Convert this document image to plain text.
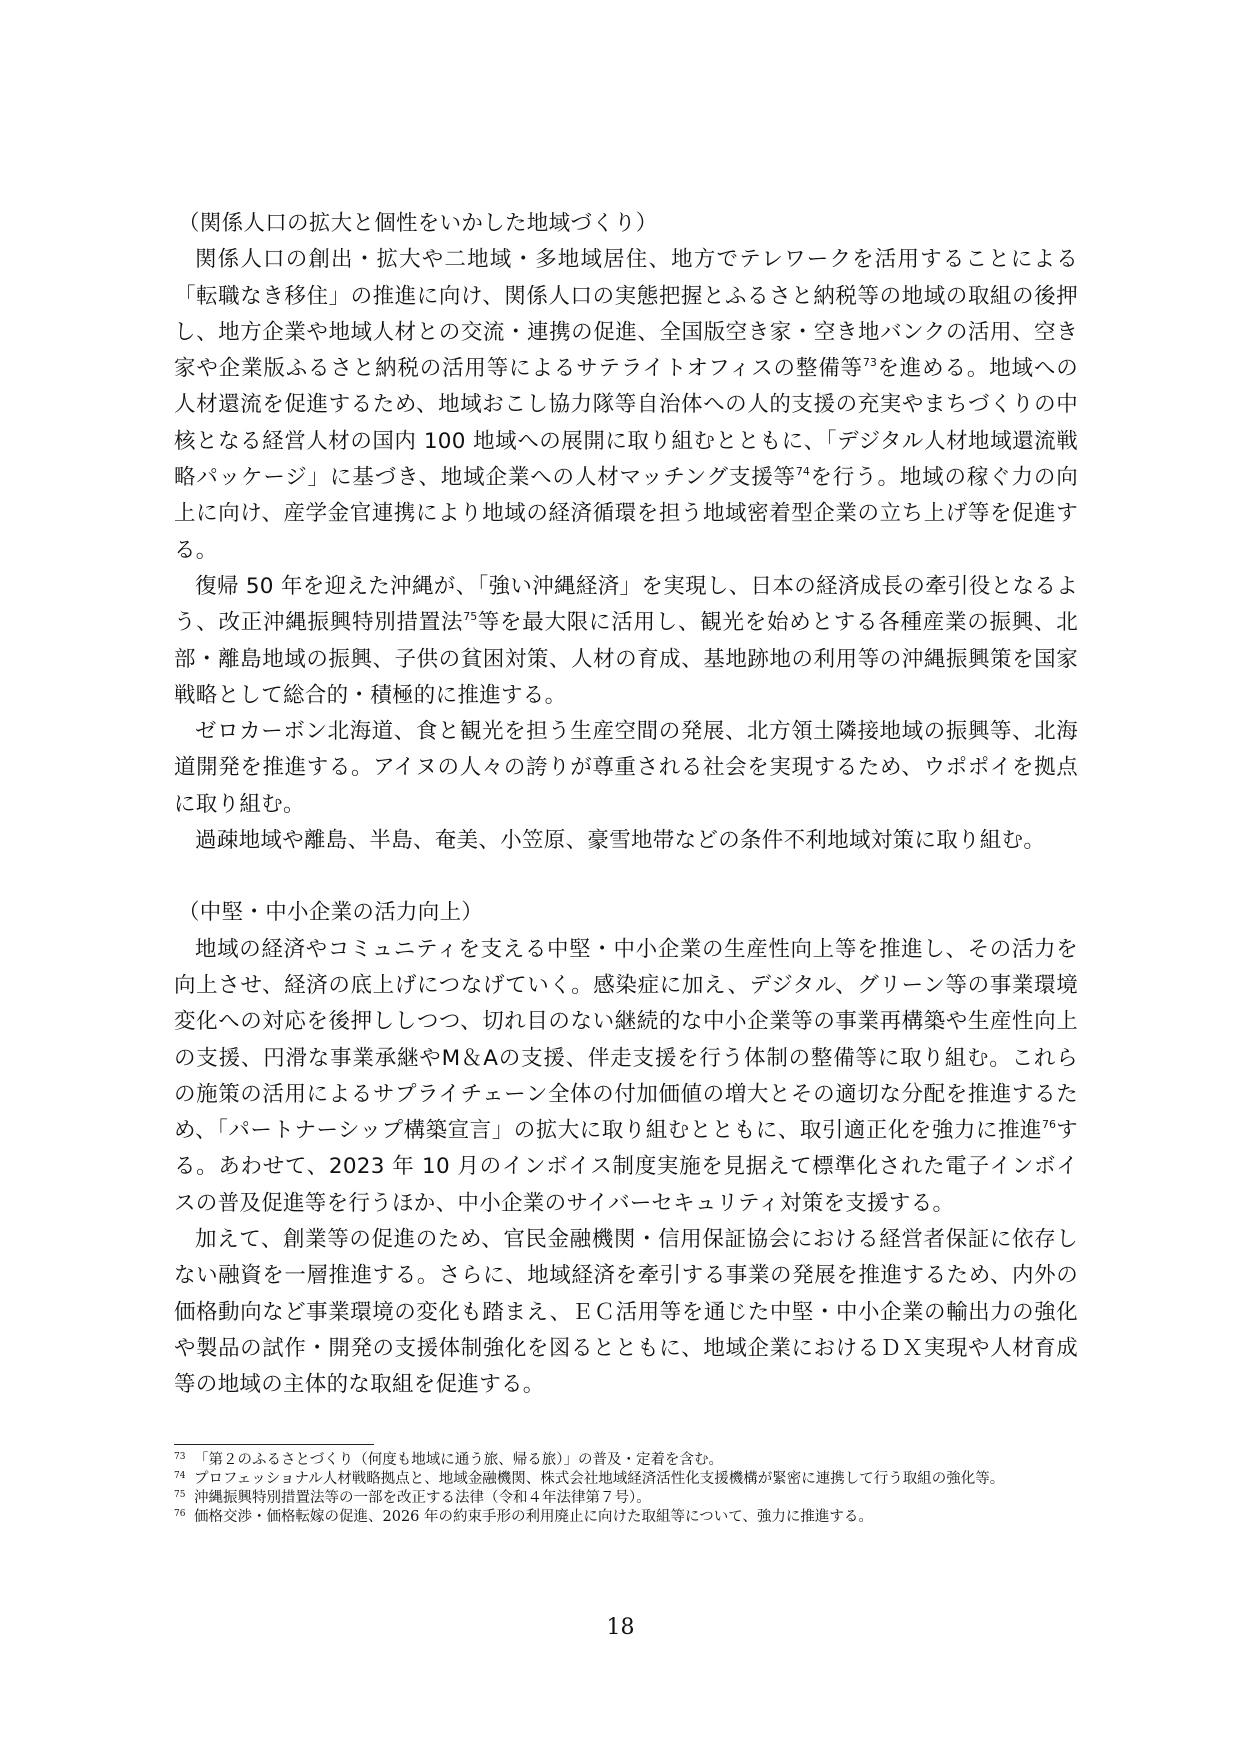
（関係人口の拡大と個性をいかした地域づくり）

関係人口の創出・拡大や二地域・多地域居住、地方でテレワークを活用することによる「転職なき移住」の推進に向け、関係人口の実態把握とふるさと納税等の地域の取組の後押し、地方企業や地域人材との交流・連携の促進、全国版空き家・空き地バンクの活用、空き家や企業版ふるさと納税の活用等によるサテライトオフィスの整備等$^{73}$を進める。地域への人材還流を促進するため、地域おこし協力隊等自治体への人的支援の充実やまちづくりの中核となる経営人材の国内 100 地域への展開に取り組むとともに、「デジタル人材地域還流戦略パッケージ」に基づき、地域企業への人材マッチング支援等$^{74}$を行う。地域の稼ぐ力の向上に向け、産学金官連携により地域の経済循環を担う地域密着型企業の立ち上げ等を促進する。

復帰 50 年を迎えた沖縄が、「強い沖縄経済」を実現し、日本の経済成長の牽引役となるよう、改正沖縄振興特別措置法$^{75}$等を最大限に活用し、観光を始めとする各種産業の振興、北部・離島地域の振興、子供の貧困対策、人材の育成、基地跡地の利用等の沖縄振興策を国家戦略として総合的・積極的に推進する。

ゼロカーボン北海道、食と観光を担う生産空間の発展、北方領土隣接地域の振興等、北海道開発を推進する。アイヌの人々の誇りが尊重される社会を実現するため、ウポポイを拠点に取り組む。

過疎地域や離島、半島、奄美、小笠原、豪雪地帯などの条件不利地域対策に取り組む。

（中堅・中小企業の活力向上）

地域の経済やコミュニティを支える中堅・中小企業の生産性向上等を推進し、その活力を向上させ、経済の底上げにつなげていく。感染症に加え、デジタル、グリーン等の事業環境変化への対応を後押ししつつ、切れ目のない継続的な中小企業等の事業再構築や生産性向上の支援、円滑な事業承継やM＆Aの支援、伴走支援を行う体制の整備等に取り組む。これらの施策の活用によるサプライチェーン全体の付加価値の増大とその適切な分配を推進するため、「パートナーシップ構築宣言」の拡大に取り組むとともに、取引適正化を強力に推進$^{76}$する。あわせて、2023 年 10 月のインボイス制度実施を見据えて標準化された電子インボイスの普及促進等を行うほか、中小企業のサイバーセキュリティ対策を支援する。

加えて、創業等の促進のため、官民金融機関・信用保証協会における経営者保証に依存しない融資を一層推進する。さらに、地域経済を牽引する事業の発展を推進するため、内外の価格動向など事業環境の変化も踏まえ、ＥＣ活用等を通じた中堅・中小企業の輸出力の強化や製品の試作・開発の支援体制強化を図るとともに、地域企業におけるＤＸ実現や人材育成等の地域の主体的な取組を促進する。

73 「第２のふるさとづくり（何度も地域に通う旅、帰る旅）」の普及・定着を含む。

74 プロフェッショナル人材戦略拠点と、地域金融機関、株式会社地域経済活性化支援機構が緊密に連携して行う取組の強化等。

75 沖縄振興特別措置法等の一部を改正する法律（令和４年法律第７号）。

76 価格交渉・価格転嫁の促進、2026 年の約束手形の利用廃止に向けた取組等について、強力に推進する。

18
